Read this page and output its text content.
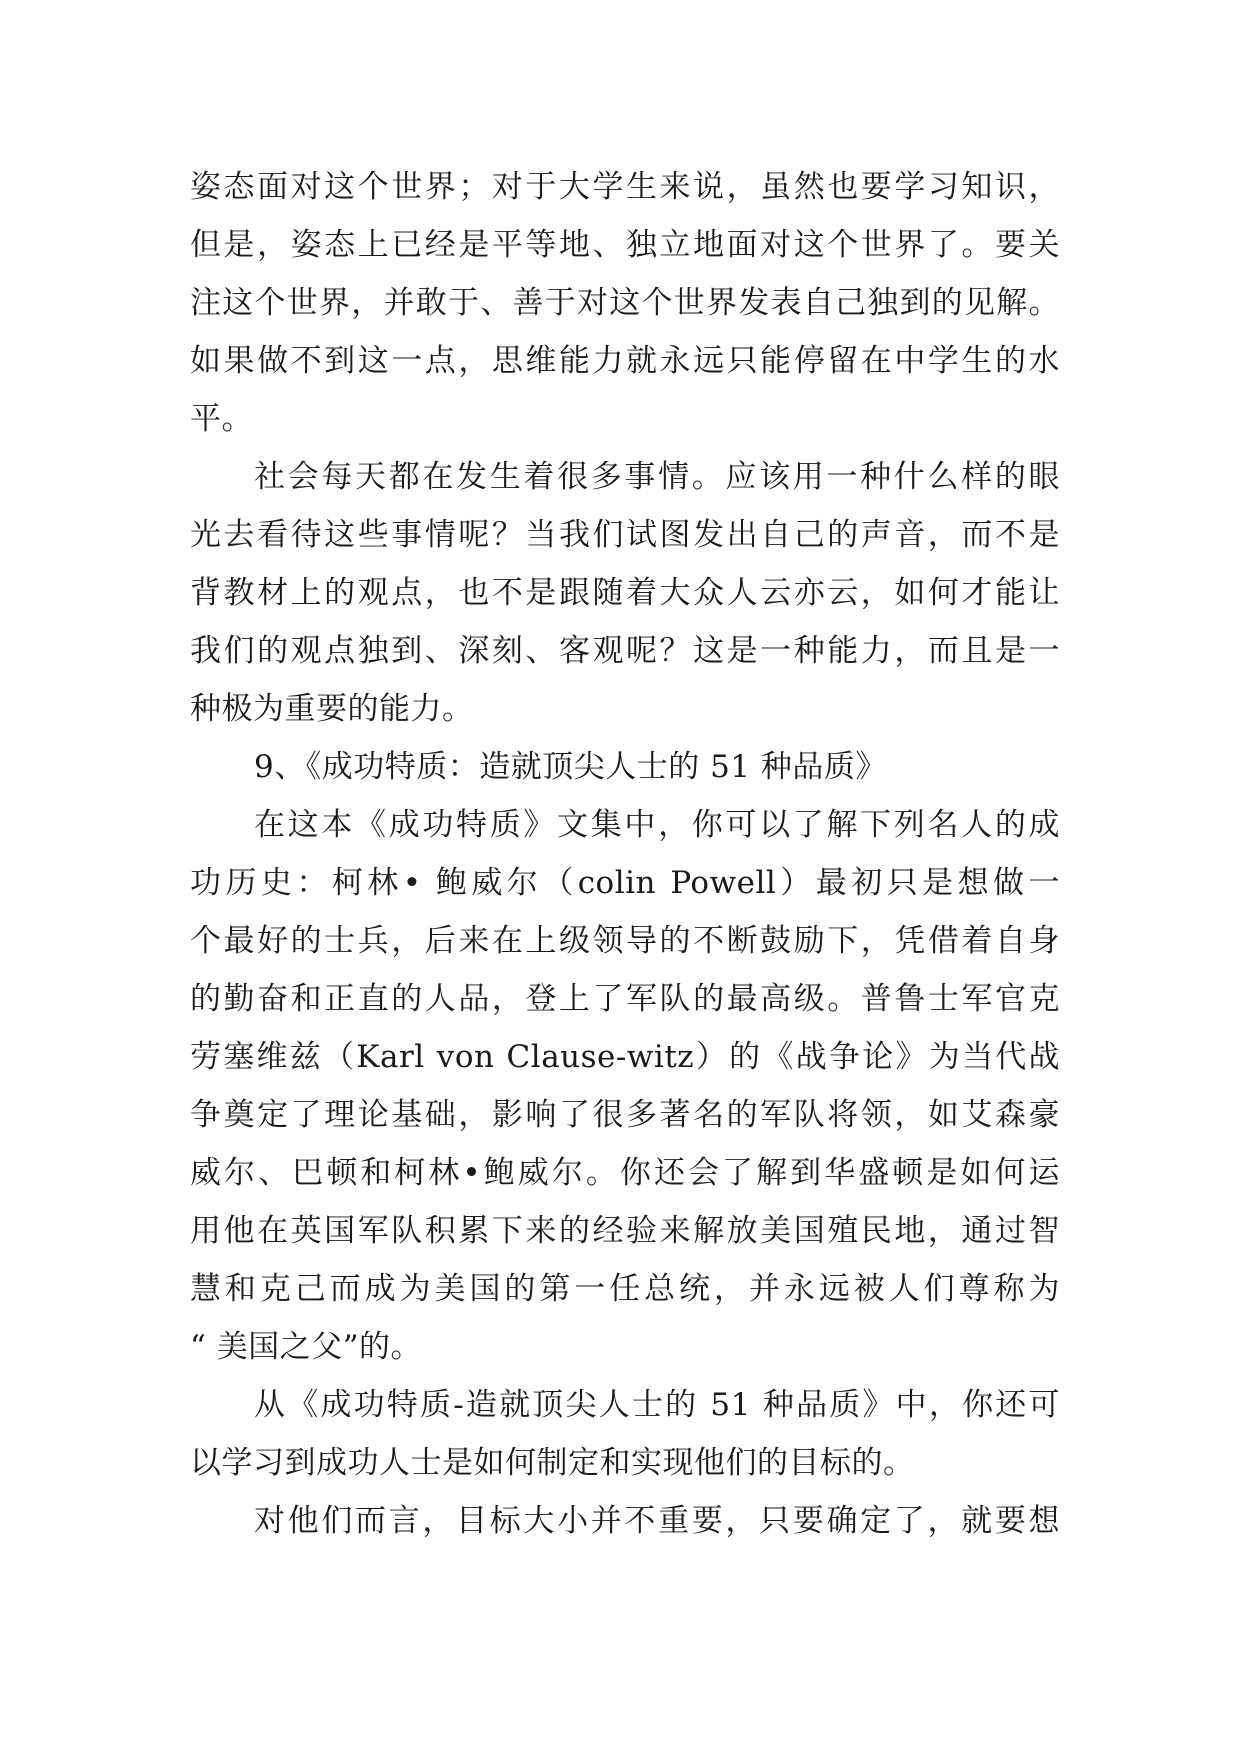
姿态面对这个世界；对于大学生来说，虽然也要学习知识，
但是，姿态上已经是平等地、独立地面对这个世界了。要关
注这个世界，并敢于、善于对这个世界发表自己独到的见解。
如果做不到这一点，思维能力就永远只能停留在中学生的水
平。
社会每天都在发生着很多事情。应该用一种什么样的眼
光去看待这些事情呢？当我们试图发出自己的声音，而不是
背教材上的观点，也不是跟随着大众人云亦云，如何才能让
我们的观点独到、深刻、客观呢？这是一种能力，而且是一
种极为重要的能力。
9、《成功特质：造就顶尖人士的 51 种品质》
在这本《成功特质》文集中，你可以了解下列名人的成
功历史：柯林• 鲍威尔（colin Powell）最初只是想做一
个最好的士兵，后来在上级领导的不断鼓励下，凭借着自身
的勤奋和正直的人品，登上了军队的最高级。普鲁士军官克
劳塞维兹（Karl von Clause-witz）的《战争论》为当代战
争奠定了理论基础，影响了很多著名的军队将领，如艾森豪
威尔、巴顿和柯林•鲍威尔。你还会了解到华盛顿是如何运
用他在英国军队积累下来的经验来解放美国殖民地，通过智
慧和克己而成为美国的第一任总统，并永远被人们尊称为
“ 美国之父”的。
从《成功特质-造就顶尖人士的 51 种品质》中，你还可
以学习到成功人士是如何制定和实现他们的目标的。
对他们而言，目标大小并不重要，只要确定了，就要想
